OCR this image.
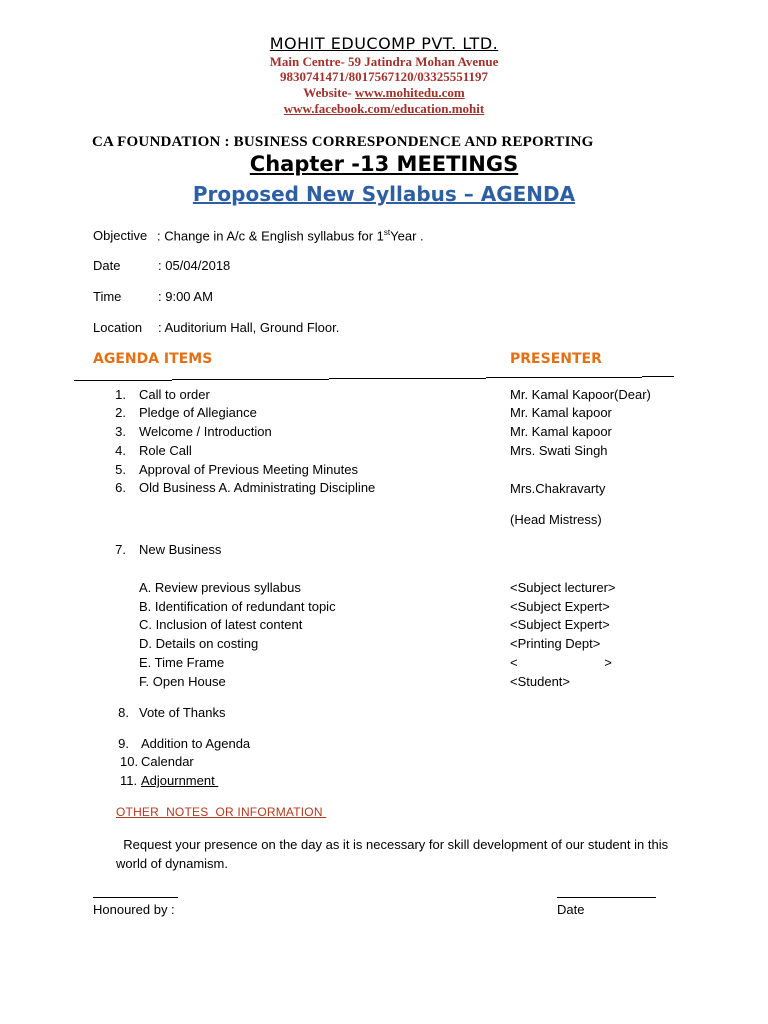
MOHIT EDUCOMP PVT. LTD.
Main Centre- 59 Jatindra Mohan Avenue
9830741471/8017567120/03325551197
Website- www.mohitedu.com
www.facebook.com/education.mohit
CA FOUNDATION : BUSINESS CORRESPONDENCE AND REPORTING
Chapter -13 MEETINGS
Proposed New Syllabus – AGENDA
Objective : Change in A/c & English syllabus for 1stYear .
Date	: 05/04/2018
Time	: 9:00 AM
Location : Auditorium Hall, Ground Floor.
AGENDA ITEMS	PRESENTER
1. Call to order	Mr. Kamal Kapoor(Dear)
2. Pledge of Allegiance	Mr. Kamal kapoor
3. Welcome / Introduction	Mr. Kamal kapoor
4. Role Call	Mrs. Swati Singh
5. Approval of Previous Meeting Minutes
6. Old Business A. Administrating Discipline	Mrs.Chakravarty
(Head Mistress)
7. New Business
A. Review previous syllabus	<Subject lecturer>
B. Identification of redundant topic	<Subject Expert>
C. Inclusion of latest content	<Subject Expert>
D. Details on costing	<Printing Dept>
E. Time Frame	<                        >
F. Open House	<Student>
8. Vote of Thanks
9. Addition to Agenda
10. Calendar
11. Adjournment
OTHER  NOTES  OR INFORMATION
Request your presence on the day as it is necessary for skill development of our student in this world of dynamism.
Honoured by :	Date
